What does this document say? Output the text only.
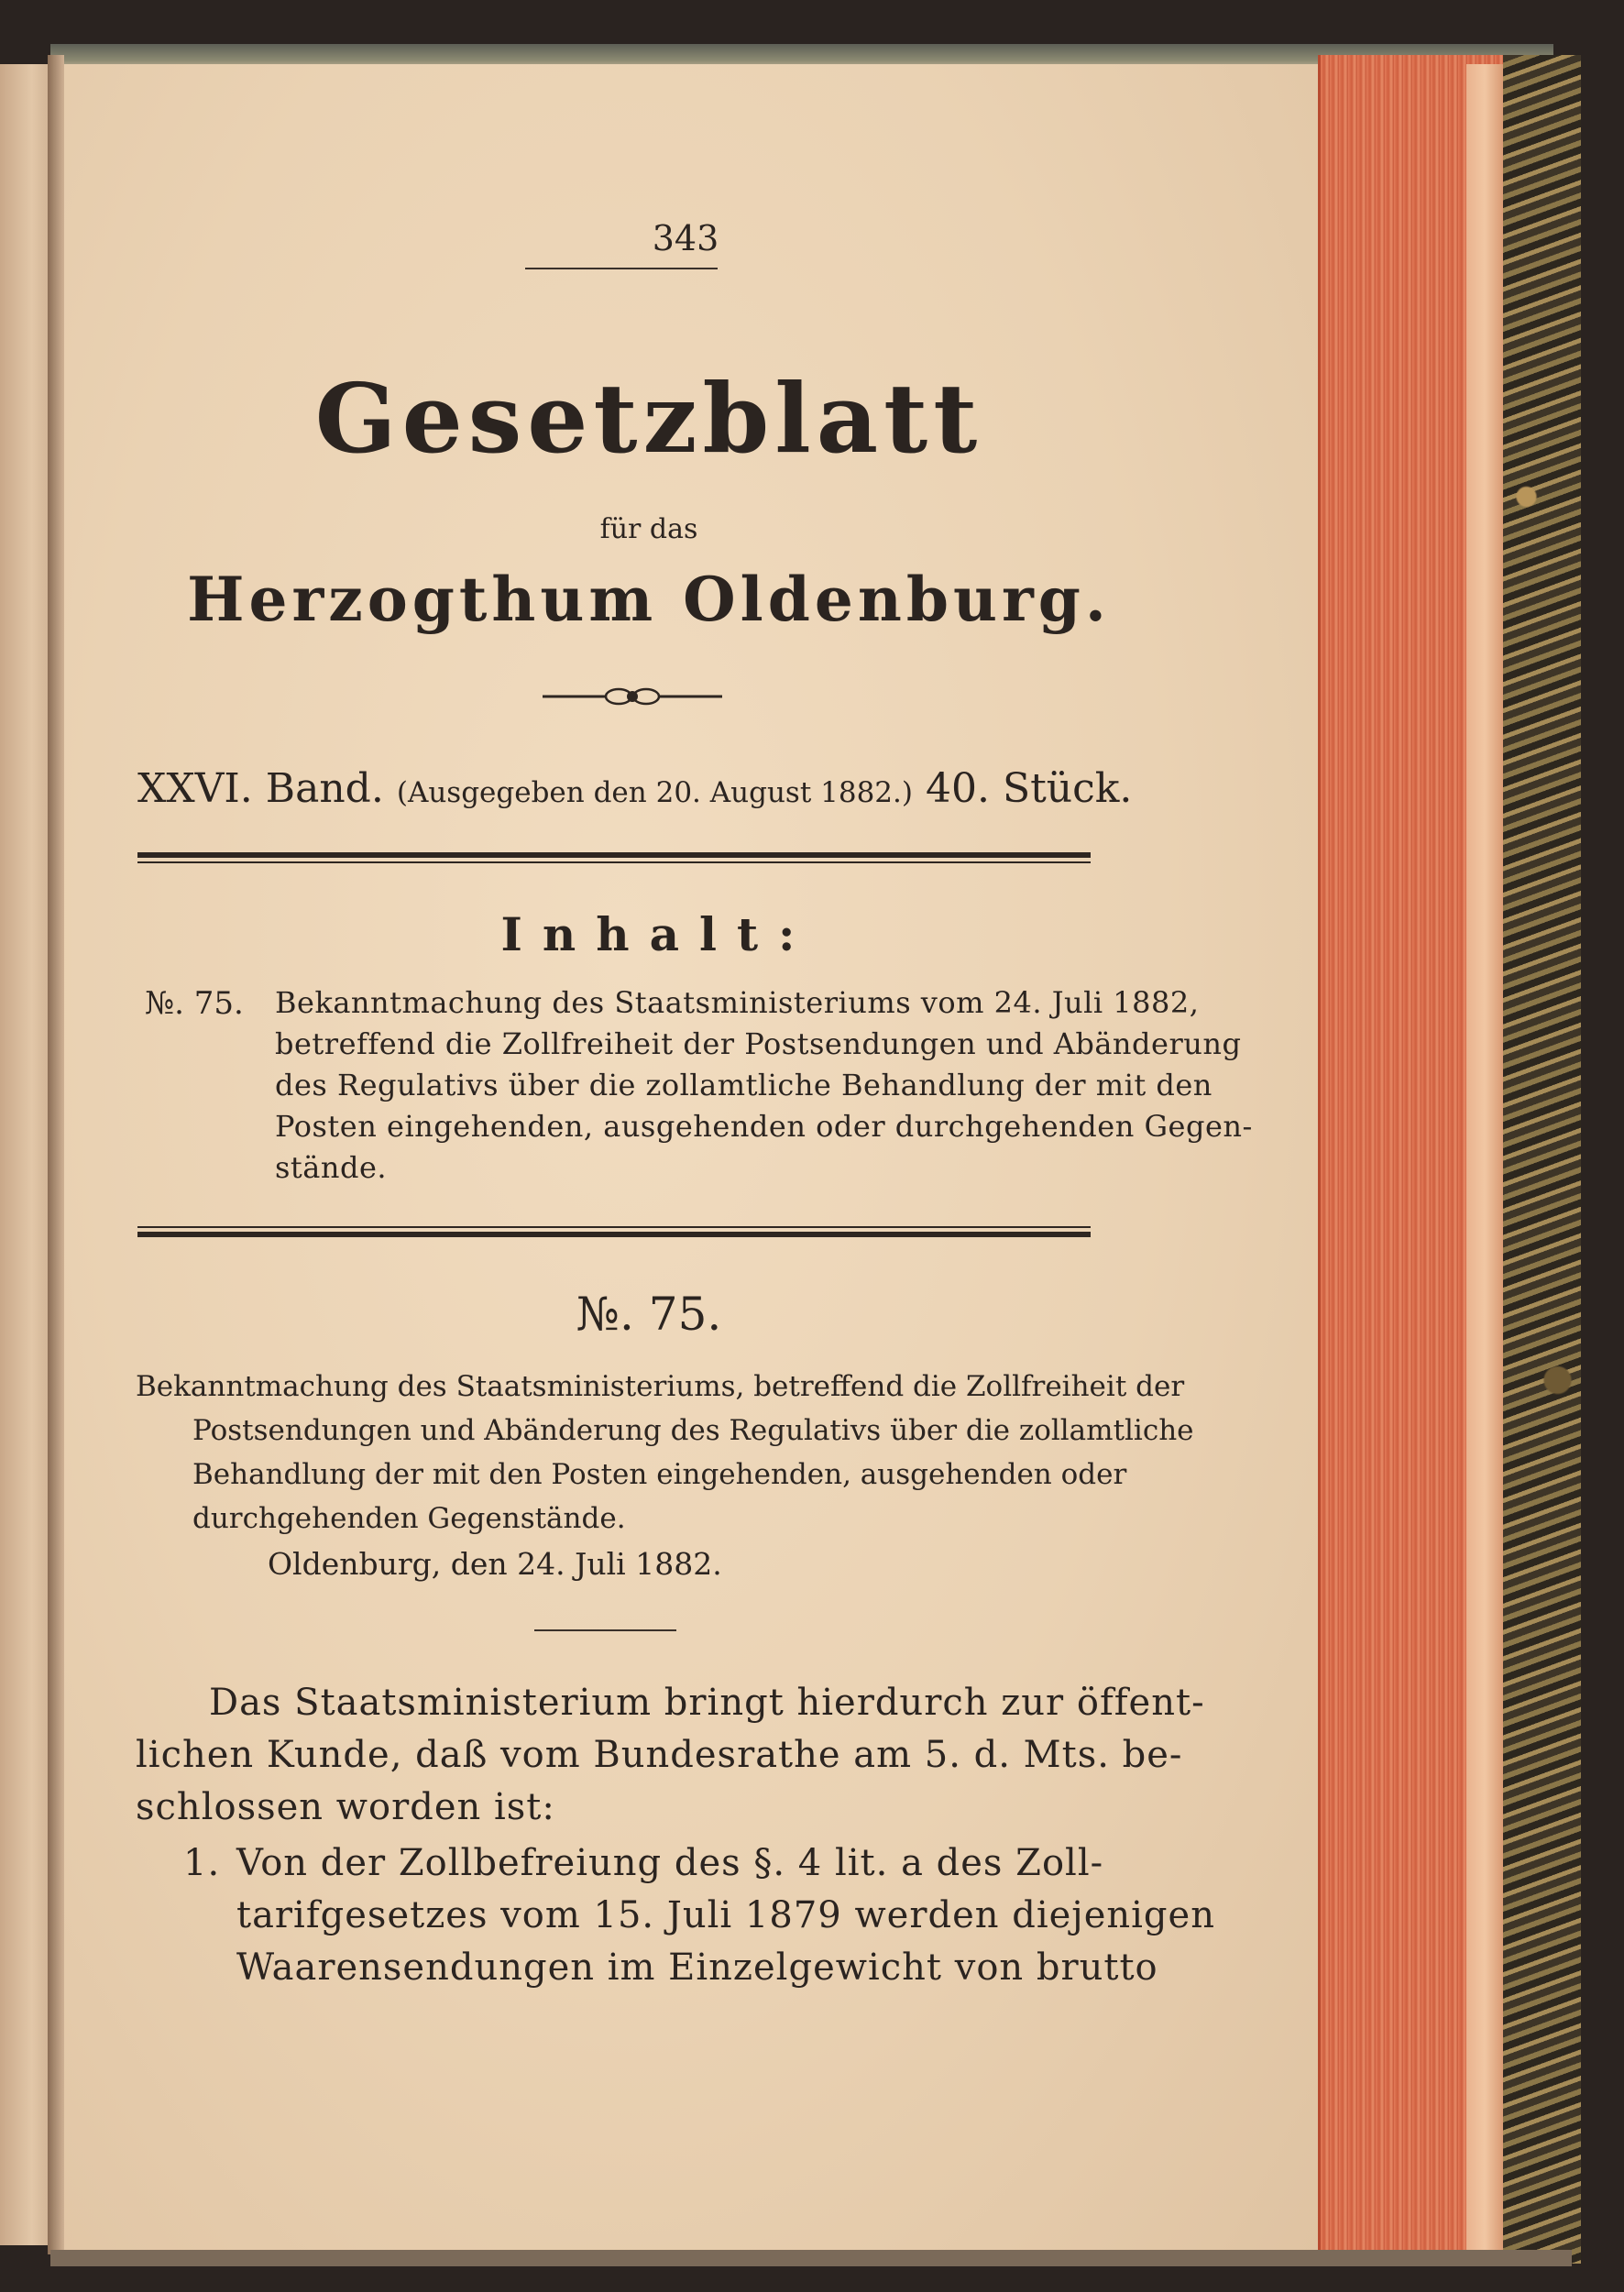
343
Gesetzblatt
für das
Herzogthum Oldenburg.
XXVI. Band. (Ausgegeben den 20. August 1882.) 40. Stück.
Inhalt:
№. 75. Bekanntmachung des Staatsministeriums vom 24. Juli 1882,
betreffend die Zollfreiheit der Postsendungen und Abänderung
des Regulativs über die zollamtliche Behandlung der mit den
Posten eingehenden, ausgehenden oder durchgehenden Gegen-
stände.
№. 75.
Bekanntmachung des Staatsministeriums, betreffend die Zollfreiheit der
Postsendungen und Abänderung des Regulativs über die zollamtliche
Behandlung der mit den Posten eingehenden, ausgehenden oder
durchgehenden Gegenstände.
Oldenburg, den 24. Juli 1882.
Das Staatsministerium bringt hierdurch zur öffent-
lichen Kunde, daß vom Bundesrathe am 5. d. Mts. be-
schlossen worden ist:
1. Von der Zollbefreiung des §. 4 lit. a des Zoll-
tarifgesetzes vom 15. Juli 1879 werden diejenigen
Waarensendungen im Einzelgewicht von brutto
